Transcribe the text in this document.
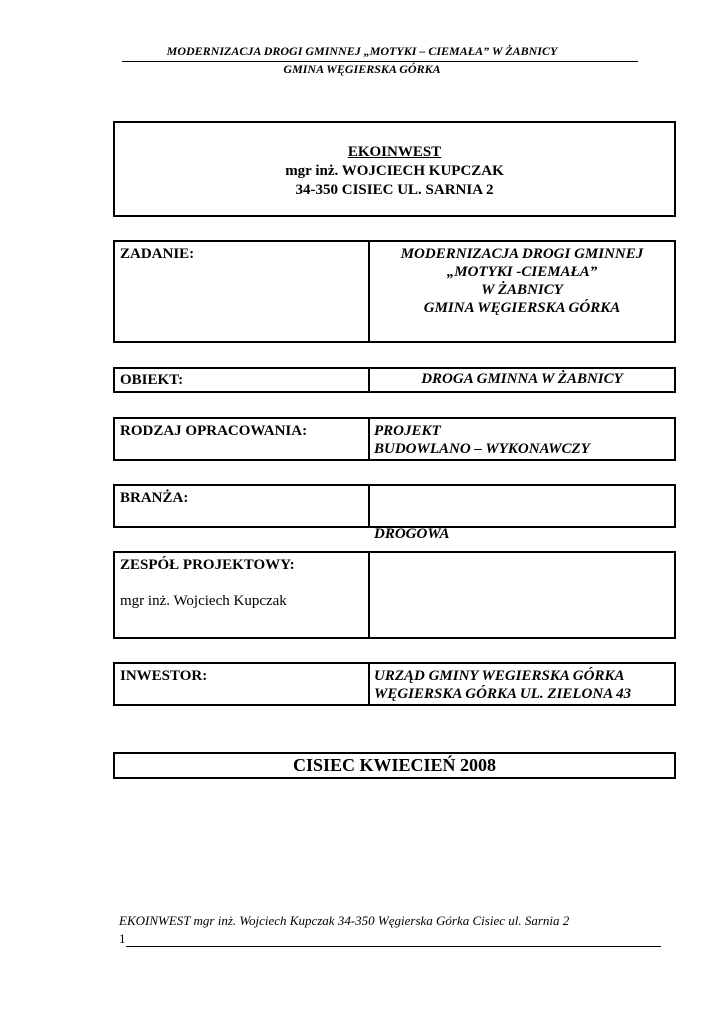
MODERNIZACJA DROGI GMINNEJ „MOTYKI – CIEMAŁA” W ŻABNICY
GMINA WĘGIERSKA GÓRKA
EKOINWEST
mgr inż. WOJCIECH KUPCZAK
34-350 CISIEC UL. SARNIA 2
ZADANIE:	MODERNIZACJA DROGI GMINNEJ
„MOTYKI -CIEMAŁA”
W ŻABNICY
GMINA WĘGIERSKA GÓRKA
OBIEKT:	DROGA GMINNA W ŻABNICY
RODZAJ OPRACOWANIA:	PROJEKT
BUDOWLANO – WYKONAWCZY
BRANŻA:

DROGOWA

ZESPÓŁ PROJEKTOWY:
mgr inż. Wojciech Kupczak
INWESTOR:	URZĄD GMINY WEGIERSKA GÓRKA
WĘGIERSKA GÓRKA UL. ZIELONA 43
CISIEC KWIECIEŃ 2008
EKOINWEST mgr inż. Wojciech Kupczak 34-350 Węgierska Górka Cisiec ul. Sarnia 2
1
